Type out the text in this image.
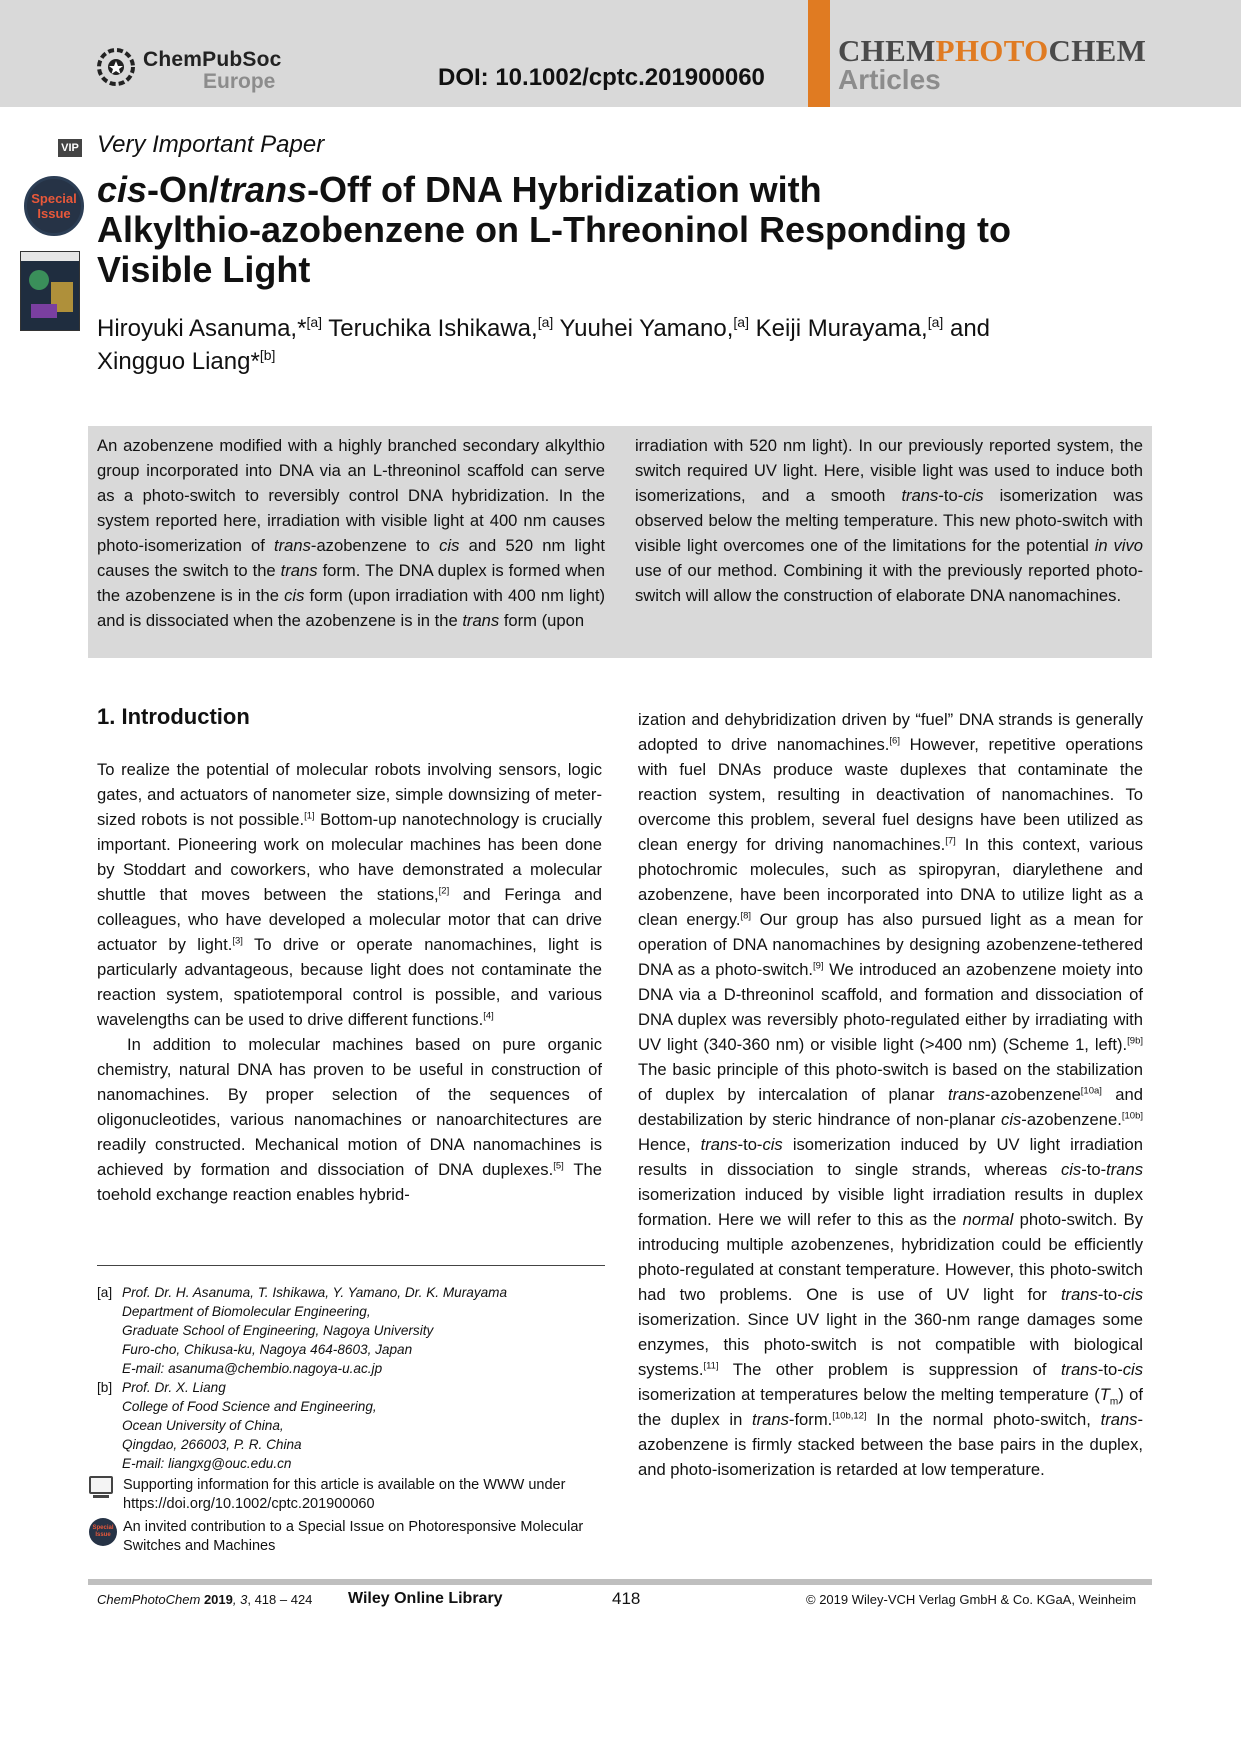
ChemPubSoc
Europe	DOI: 10.1002/cptc.201900060
CHEMPHOTOCHEM
Articles
VIP
Special
Issue
Very Important Paper
cis-On/trans-Off of DNA Hybridization with
Alkylthio-azobenzene on L-Threoninol Responding to
Visible Light
Hiroyuki Asanuma,*[a] Teruchika Ishikawa,[a] Yuuhei Yamano,[a] Keiji Murayama,[a] and
Xingguo Liang*[b]

An azobenzene modified with a highly branched secondary alkylthio group incorporated into DNA via an L-threoninol scaffold can serve as a photo-switch to reversibly control DNA hybridization. In the system reported here, irradiation with visible light at 400 nm causes photo-isomerization of trans-azobenzene to cis and 520 nm light causes the switch to the trans form. The DNA duplex is formed when the azobenzene is in the cis form (upon irradiation with 400 nm light) and is dissociated when the azobenzene is in the trans form (upon

irradiation with 520 nm light). In our previously reported system, the switch required UV light. Here, visible light was used to induce both isomerizations, and a smooth trans-to-cis isomerization was observed below the melting temperature. This new photo-switch with visible light overcomes one of the limitations for the potential in vivo use of our method. Combining it with the previously reported photo-switch will allow the construction of elaborate DNA nanomachines.

1. Introduction

To realize the potential of molecular robots involving sensors, logic gates, and actuators of nanometer size, simple downsizing of meter-sized robots is not possible.[1] Bottom-up nanotechnology is crucially important. Pioneering work on molecular machines has been done by Stoddart and coworkers, who have demonstrated a molecular shuttle that moves between the stations,[2] and Feringa and colleagues, who have developed a molecular motor that can drive actuator by light.[3] To drive or operate nanomachines, light is particularly advantageous, because light does not contaminate the reaction system, spatiotemporal control is possible, and various wavelengths can be used to drive different functions.[4]

In addition to molecular machines based on pure organic chemistry, natural DNA has proven to be useful in construction of nanomachines. By proper selection of the sequences of oligonucleotides, various nanomachines or nanoarchitectures are readily constructed. Mechanical motion of DNA nanomachines is achieved by formation and dissociation of DNA duplexes.[5] The toehold exchange reaction enables hybrid-

ization and dehybridization driven by “fuel” DNA strands is generally adopted to drive nanomachines.[6] However, repetitive operations with fuel DNAs produce waste duplexes that contaminate the reaction system, resulting in deactivation of nanomachines. To overcome this problem, several fuel designs have been utilized as clean energy for driving nanomachines.[7] In this context, various photochromic molecules, such as spiropyran, diarylethene and azobenzene, have been incorporated into DNA to utilize light as a clean energy.[8] Our group has also pursued light as a mean for operation of DNA nanomachines by designing azobenzene-tethered DNA as a photo-switch.[9] We introduced an azobenzene moiety into DNA via a D-threoninol scaffold, and formation and dissociation of DNA duplex was reversibly photo-regulated either by irradiating with UV light (340-360 nm) or visible light (>400 nm) (Scheme 1, left).[9b] The basic principle of this photo-switch is based on the stabilization of duplex by intercalation of planar trans-azobenzene[10a] and destabilization by steric hindrance of non-planar cis-azobenzene.[10b] Hence, trans-to-cis isomerization induced by UV light irradiation results in dissociation to single strands, whereas cis-to-trans isomerization induced by visible light irradiation results in duplex formation. Here we will refer to this as the normal photo-switch. By introducing multiple azobenzenes, hybridization could be efficiently photo-regulated at constant temperature. However, this photo-switch had two problems. One is use of UV light for trans-to-cis isomerization. Since UV light in the 360-nm range damages some enzymes, this photo-switch is not compatible with biological systems.[11] The other problem is suppression of trans-to-cis isomerization at temperatures below the melting temperature $(T_m)$ of the duplex in trans-form.[10b,12] In the normal photo-switch, trans-azobenzene is firmly stacked between the base pairs in the duplex, and photo-isomerization is retarded at low temperature.

[a] Prof. Dr. H. Asanuma, T. Ishikawa, Y. Yamano, Dr. K. Murayama
Department of Biomolecular Engineering,
Graduate School of Engineering, Nagoya University
Furo-cho, Chikusa-ku, Nagoya 464-8603, Japan
E-mail: asanuma@chembio.nagoya-u.ac.jp
[b] Prof. Dr. X. Liang
College of Food Science and Engineering,
Ocean University of China,
Qingdao, 266003, P. R. China
E-mail: liangxg@ouc.edu.cn
Supporting information for this article is available on the WWW under https://doi.org/10.1002/cptc.201900060
Special
Issue An invited contribution to a Special Issue on Photoresponsive Molecular Switches and Machines
ChemPhotoChem 2019, 3, 418 – 424 Wiley Online Library	418	© 2019 Wiley-VCH Verlag GmbH & Co. KGaA, Weinheim
